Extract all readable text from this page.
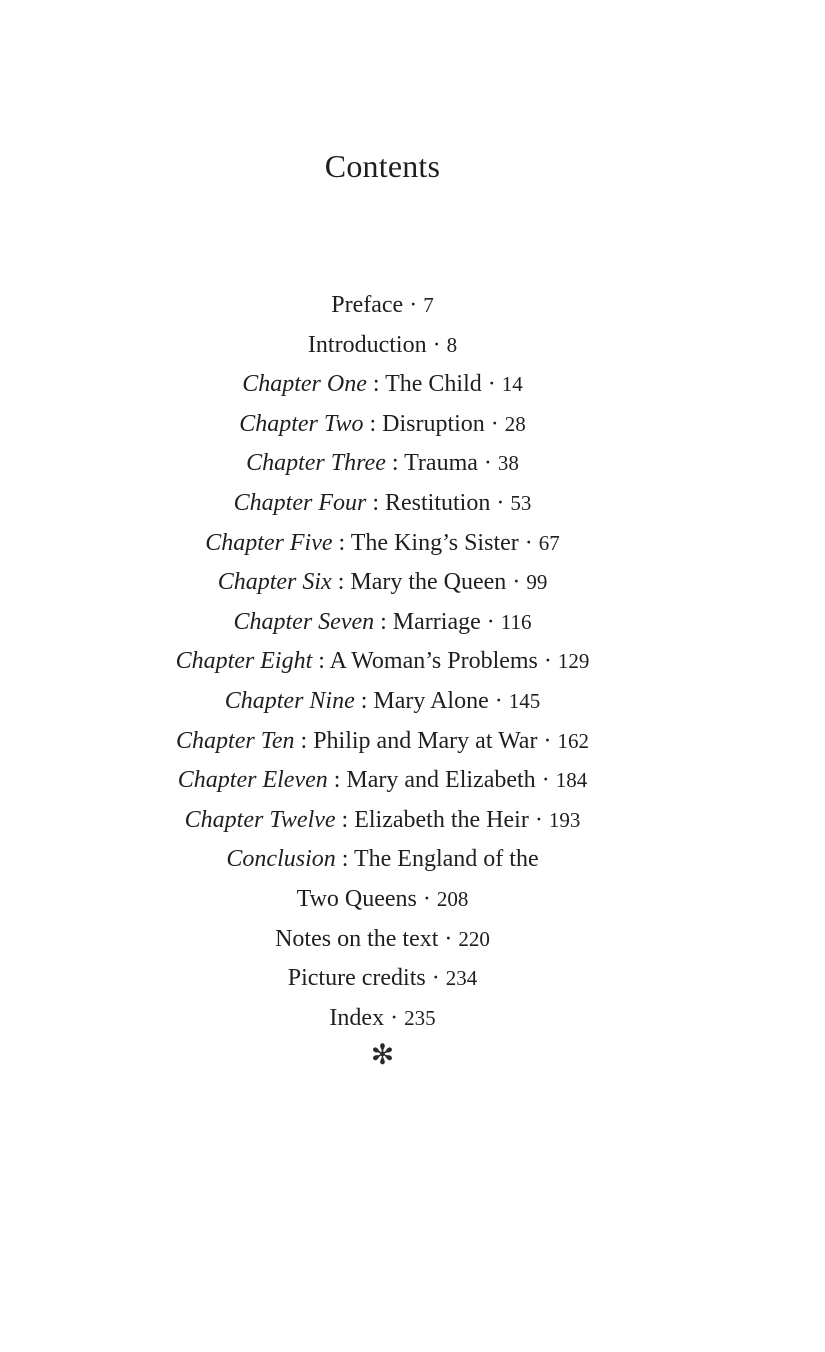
Contents
Preface · 7
Introduction · 8
Chapter One : The Child · 14
Chapter Two : Disruption · 28
Chapter Three : Trauma · 38
Chapter Four : Restitution · 53
Chapter Five : The King’s Sister · 67
Chapter Six : Mary the Queen · 99
Chapter Seven : Marriage · 116
Chapter Eight : A Woman’s Problems · 129
Chapter Nine : Mary Alone · 145
Chapter Ten : Philip and Mary at War · 162
Chapter Eleven : Mary and Elizabeth · 184
Chapter Twelve : Elizabeth the Heir · 193
Conclusion : The England of the
Two Queens · 208
Notes on the text · 220
Picture credits · 234
Index · 235
✻
